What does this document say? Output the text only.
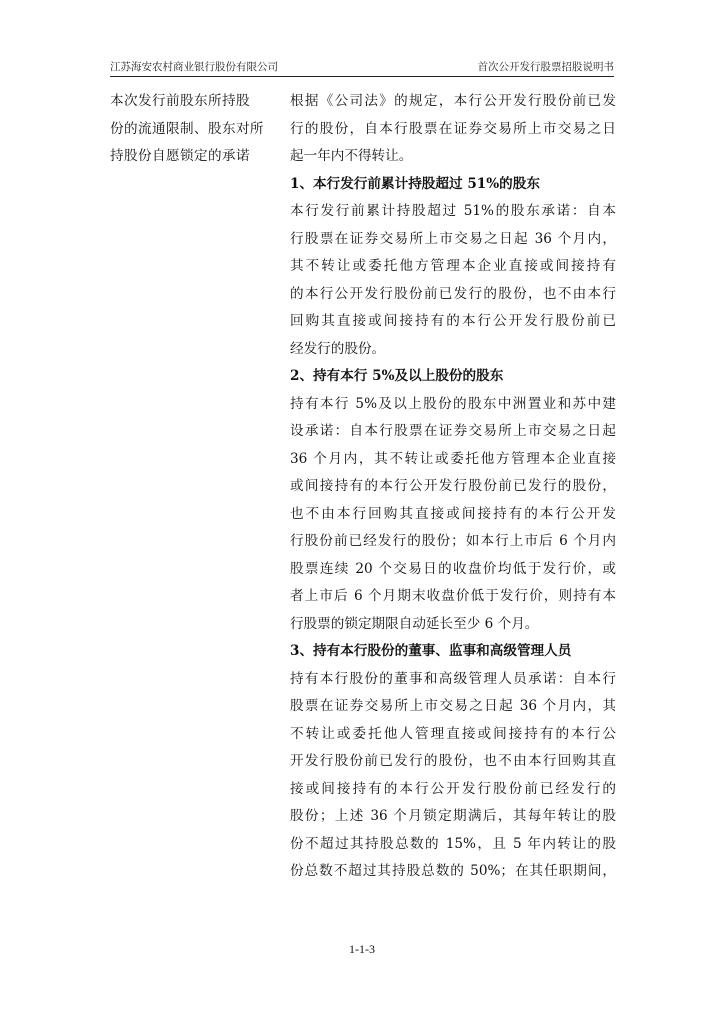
江苏海安农村商业银行股份有限公司	首次公开发行股票招股说明书
本次发行前股东所持股
份的流通限制、股东对所
持股份自愿锁定的承诺
根据《公司法》的规定，本行公开发行股份前已发
行的股份，自本行股票在证券交易所上市交易之日
起一年内不得转让。
1、本行发行前累计持股超过 51%的股东
本行发行前累计持股超过 51%的股东承诺：自本
行股票在证券交易所上市交易之日起 36 个月内，
其不转让或委托他方管理本企业直接或间接持有
的本行公开发行股份前已发行的股份，也不由本行
回购其直接或间接持有的本行公开发行股份前已
经发行的股份。
2、持有本行 5%及以上股份的股东
持有本行 5%及以上股份的股东中洲置业和苏中建
设承诺：自本行股票在证券交易所上市交易之日起
36 个月内，其不转让或委托他方管理本企业直接
或间接持有的本行公开发行股份前已发行的股份，
也不由本行回购其直接或间接持有的本行公开发
行股份前已经发行的股份；如本行上市后 6 个月内
股票连续 20 个交易日的收盘价均低于发行价，或
者上市后 6 个月期末收盘价低于发行价，则持有本
行股票的锁定期限自动延长至少 6 个月。
3、持有本行股份的董事、监事和高级管理人员
持有本行股份的董事和高级管理人员承诺：自本行
股票在证券交易所上市交易之日起 36 个月内，其
不转让或委托他人管理直接或间接持有的本行公
开发行股份前已发行的股份，也不由本行回购其直
接或间接持有的本行公开发行股份前已经发行的
股份；上述 36 个月锁定期满后，其每年转让的股
份不超过其持股总数的 15%，且 5 年内转让的股
份总数不超过其持股总数的 50%；在其任职期间，
1-1-3
